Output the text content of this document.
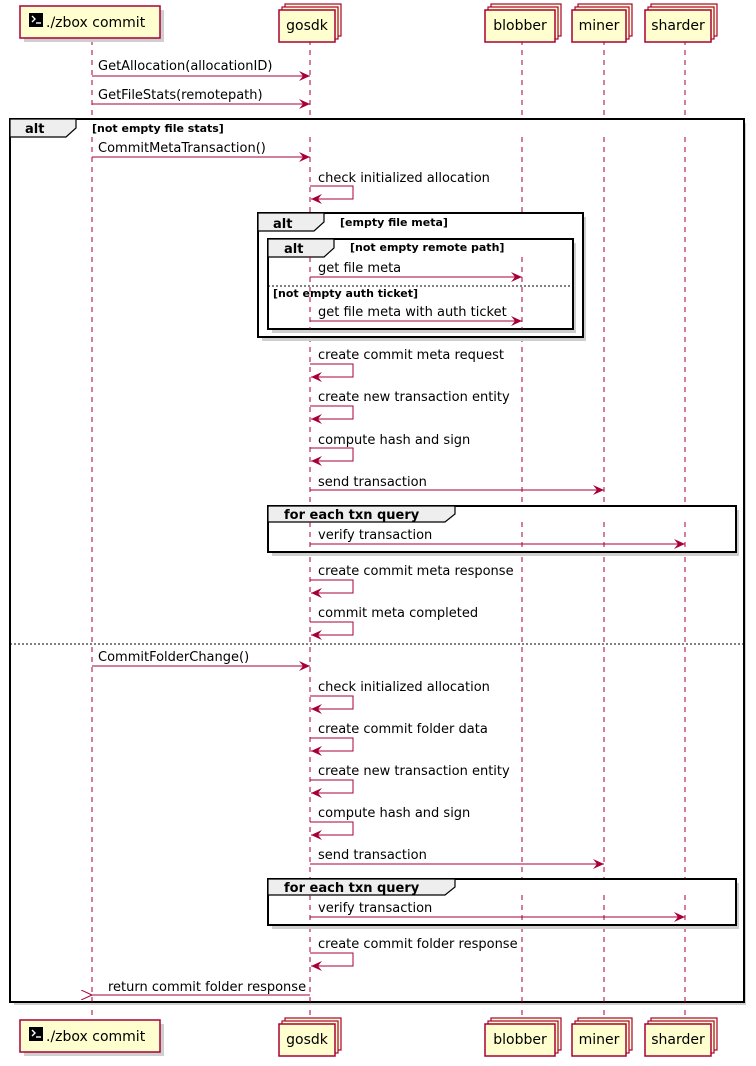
./zbox commit	gosdk	blobber miner sharder
GetAllocation(allocationID)
GetFileStats(remotepath)
alt	[not empty file stats]
CommitMetaTransaction()
check initialized allocation
alt	[empty file meta]
alt	[not empty remote path]
[not empty auth ticket]
get file meta
get file meta with auth ticket
create commit meta request
create new transaction entity
compute hash and sign
send transaction
for each txn query
verify transaction
create commit meta response
commit meta completed
CommitFolderChange()
check initialized allocation
create commit folder data
create new transaction entity
compute hash and sign
send transaction
for each txn query
verify transaction
create commit folder response
return commit folder response
./zbox commit	gosdk	blobber miner sharder
